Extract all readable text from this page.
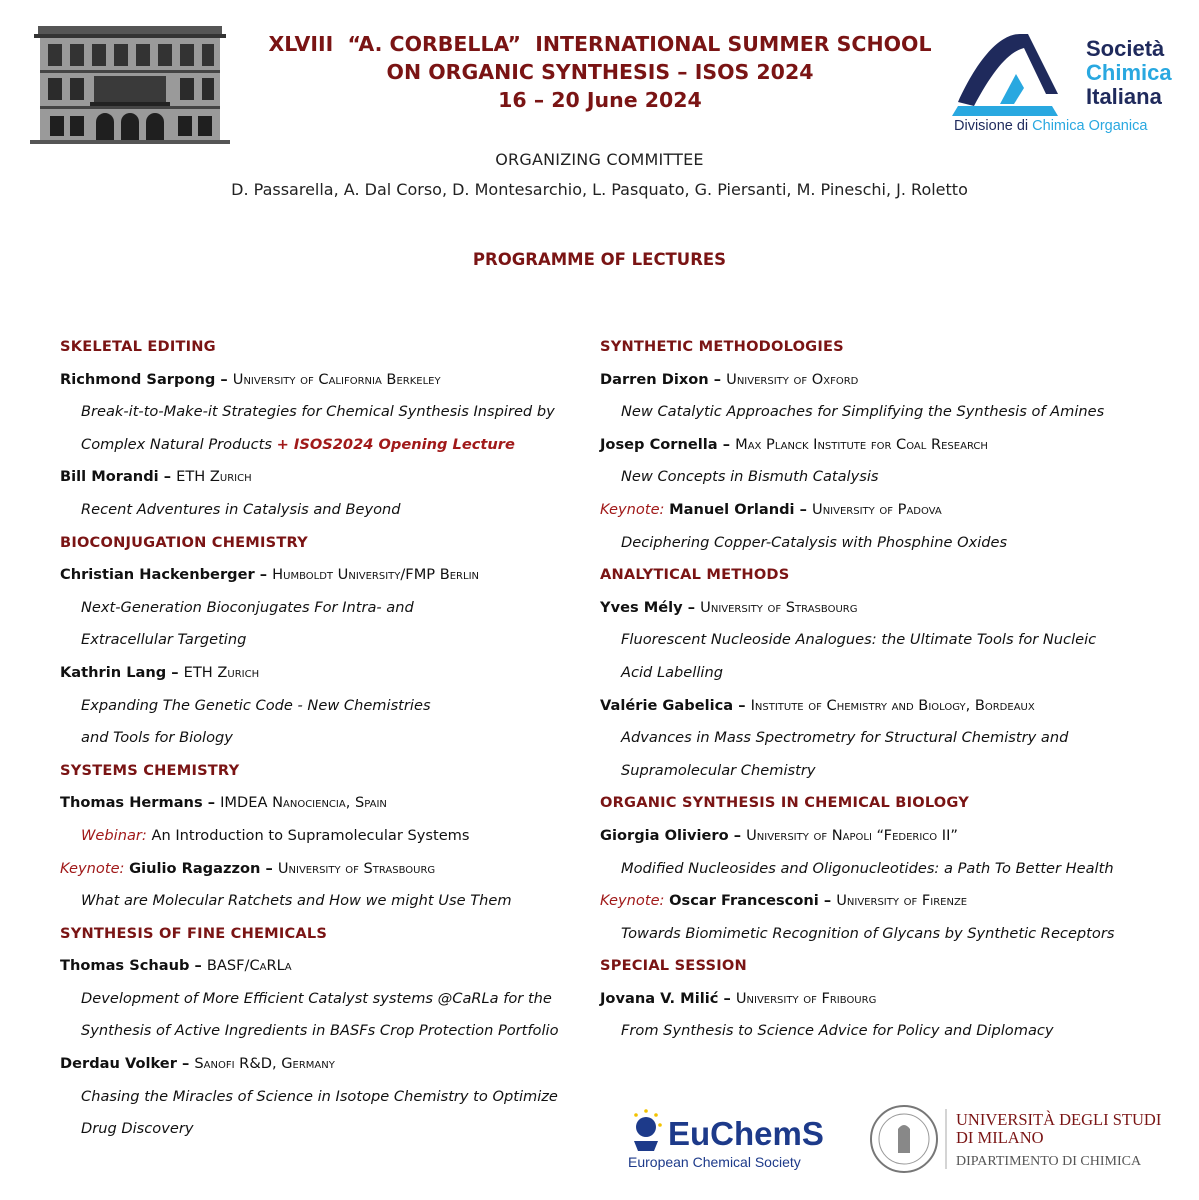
XLVIII  “A. CORBELLA”  INTERNATIONAL SUMMER SCHOOL
ON ORGANIC SYNTHESIS – ISOS 2024
16 – 20 June 2024
Società
Chimica
Italiana
Divisione di Chimica Organica
ORGANIZING COMMITTEE
D. Passarella, A. Dal Corso, D. Montesarchio, L. Pasquato, G. Piersanti, M. Pineschi, J. Roletto
PROGRAMME OF LECTURES
SKELETAL EDITING
Richmond Sarpong – University of California Berkeley
Break-it-to-Make-it Strategies for Chemical Synthesis Inspired by
Complex Natural Products + ISOS2024 Opening Lecture
Bill Morandi – ETH Zurich
Recent Adventures in Catalysis and Beyond
BIOCONJUGATION CHEMISTRY
Christian Hackenberger – Humboldt University/FMP Berlin
Next-Generation Bioconjugates For Intra- and
Extracellular Targeting
Kathrin Lang – ETH Zurich
Expanding The Genetic Code - New Chemistries
and Tools for Biology
SYSTEMS CHEMISTRY
Thomas Hermans – IMDEA Nanociencia, Spain
Webinar: An Introduction to Supramolecular Systems
Keynote: Giulio Ragazzon – University of Strasbourg
What are Molecular Ratchets and How we might Use Them
SYNTHESIS OF FINE CHEMICALS
Thomas Schaub – BASF/CaRLa
Development of More Efficient Catalyst systems @CaRLa for the
Synthesis of Active Ingredients in BASFs Crop Protection Portfolio
Derdau Volker – Sanofi R&D, Germany
Chasing the Miracles of Science in Isotope Chemistry to Optimize
Drug Discovery
SYNTHETIC METHODOLOGIES
Darren Dixon – University of Oxford
New Catalytic Approaches for Simplifying the Synthesis of Amines
Josep Cornella – Max Planck Institute for Coal Research
New Concepts in Bismuth Catalysis
Keynote: Manuel Orlandi – University of Padova
Deciphering Copper-Catalysis with Phosphine Oxides
ANALYTICAL METHODS
Yves Mély – University of Strasbourg
Fluorescent Nucleoside Analogues: the Ultimate Tools for Nucleic
Acid Labelling
Valérie Gabelica – Institute of Chemistry and Biology, Bordeaux
Advances in Mass Spectrometry for Structural Chemistry and
Supramolecular Chemistry
ORGANIC SYNTHESIS IN CHEMICAL BIOLOGY
Giorgia Oliviero – University of Napoli “Federico II”
Modified Nucleosides and Oligonucleotides: a Path To Better Health
Keynote: Oscar Francesconi – University of Firenze
Towards Biomimetic Recognition of Glycans by Synthetic Receptors
SPECIAL SESSION
Jovana V. Milić – University of Fribourg
From Synthesis to Science Advice for Policy and Diplomacy
EuChemS
European Chemical Society
UNIVERSITÀ DEGLI STUDI
DI MILANO
DIPARTIMENTO DI CHIMICA
